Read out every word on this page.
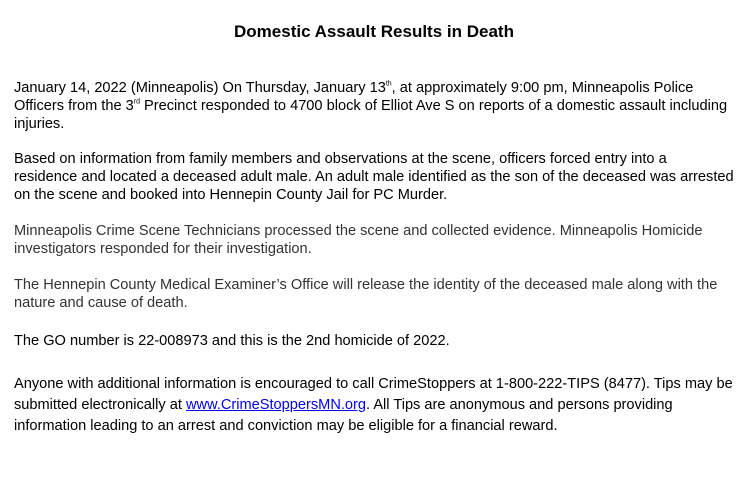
Domestic Assault Results in Death

January 14, 2022 (Minneapolis) On Thursday, January 13th, at approximately 9:00 pm, Minneapolis Police Officers from the 3rd Precinct responded to 4700 block of Elliot Ave S on reports of a domestic assault including injuries.

Based on information from family members and observations at the scene, officers forced entry into a residence and located a deceased adult male. An adult male identified as the son of the deceased was arrested on the scene and booked into Hennepin County Jail for PC Murder.

Minneapolis Crime Scene Technicians processed the scene and collected evidence. Minneapolis Homicide investigators responded for their investigation.

The Hennepin County Medical Examiner’s Office will release the identity of the deceased male along with the nature and cause of death.

The GO number is 22-008973 and this is the 2nd homicide of 2022.

Anyone with additional information is encouraged to call CrimeStoppers at 1-800-222-TIPS (8477). Tips may be submitted electronically at www.CrimeStoppersMN.org. All Tips are anonymous and persons providing information leading to an arrest and conviction may be eligible for a financial reward.
